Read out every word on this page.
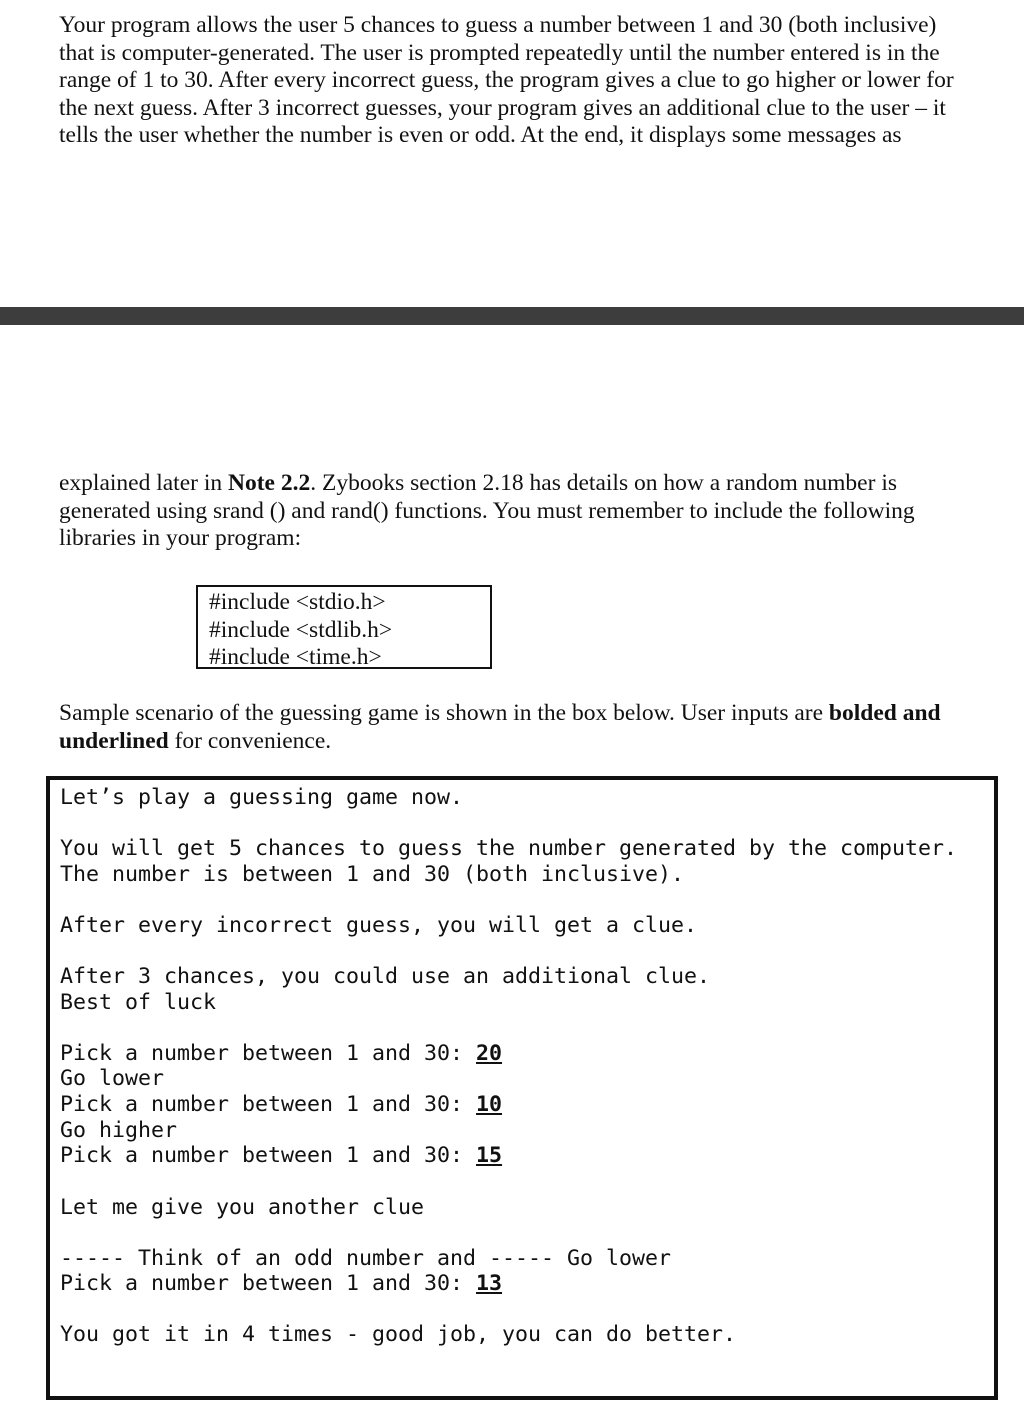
Your program allows the user 5 chances to guess a number between 1 and 30 (both inclusive)

that is computer-generated. The user is prompted repeatedly until the number entered is in the

range of 1 to 30. After every incorrect guess, the program gives a clue to go higher or lower for

the next guess. After 3 incorrect guesses, your program gives an additional clue to the user – it

tells the user whether the number is even or odd. At the end, it displays some messages as

explained later in Note 2.2. Zybooks section 2.18 has details on how a random number is

generated using srand () and rand() functions. You must remember to include the following

libraries in your program:

#include <stdio.h>
#include <stdlib.h>
#include <time.h>

Sample scenario of the guessing game is shown in the box below. User inputs are bolded and

underlined for convenience.

Let’s play a guessing game now.
You will get 5 chances to guess the number generated by the computer.
The number is between 1 and 30 (both inclusive).
After every incorrect guess, you will get a clue.
After 3 chances, you could use an additional clue.
Best of luck
Pick a number between 1 and 30: 20
Go lower
Pick a number between 1 and 30: 10
Go higher
Pick a number between 1 and 30: 15
Let me give you another clue
----- Think of an odd number and ----- Go lower
Pick a number between 1 and 30: 13
You got it in 4 times - good job, you can do better.
